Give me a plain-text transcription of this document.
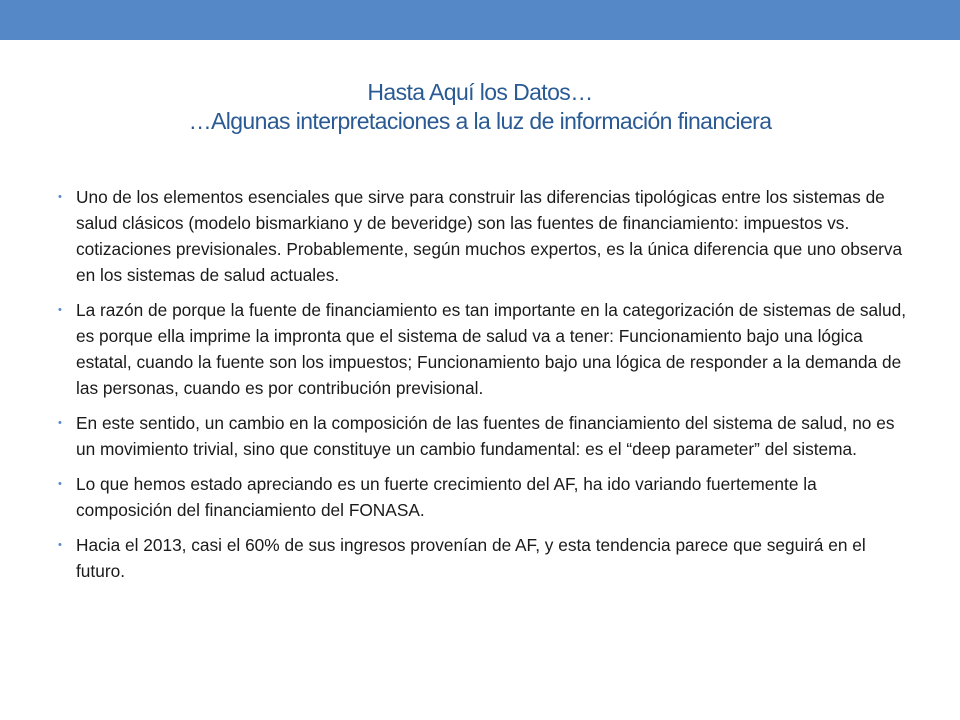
Hasta Aquí los Datos…
…Algunas interpretaciones a la luz de información financiera
• Uno de los elementos esenciales que sirve para construir las diferencias tipológicas entre los sistemas de salud clásicos (modelo bismarkiano y de beveridge) son las fuentes de financiamiento: impuestos vs. cotizaciones previsionales. Probablemente, según muchos expertos, es la única diferencia que uno observa en los sistemas de salud actuales.
• La razón de porque la fuente de financiamiento es tan importante en la categorización de sistemas de salud, es porque ella imprime la impronta que el sistema de salud va a tener: Funcionamiento bajo una lógica estatal, cuando la fuente son los impuestos; Funcionamiento bajo una lógica de responder a la demanda de las personas, cuando es por contribución previsional.
• En este sentido, un cambio en la composición de las fuentes de financiamiento del sistema de salud, no es un movimiento trivial, sino que constituye un cambio fundamental: es el “deep parameter” del sistema.
• Lo que hemos estado apreciando es un fuerte crecimiento del AF, ha ido variando fuertemente la composición del financiamiento del FONASA.
• Hacia el 2013, casi el 60% de sus ingresos provenían de AF, y esta tendencia parece que seguirá en el futuro.
